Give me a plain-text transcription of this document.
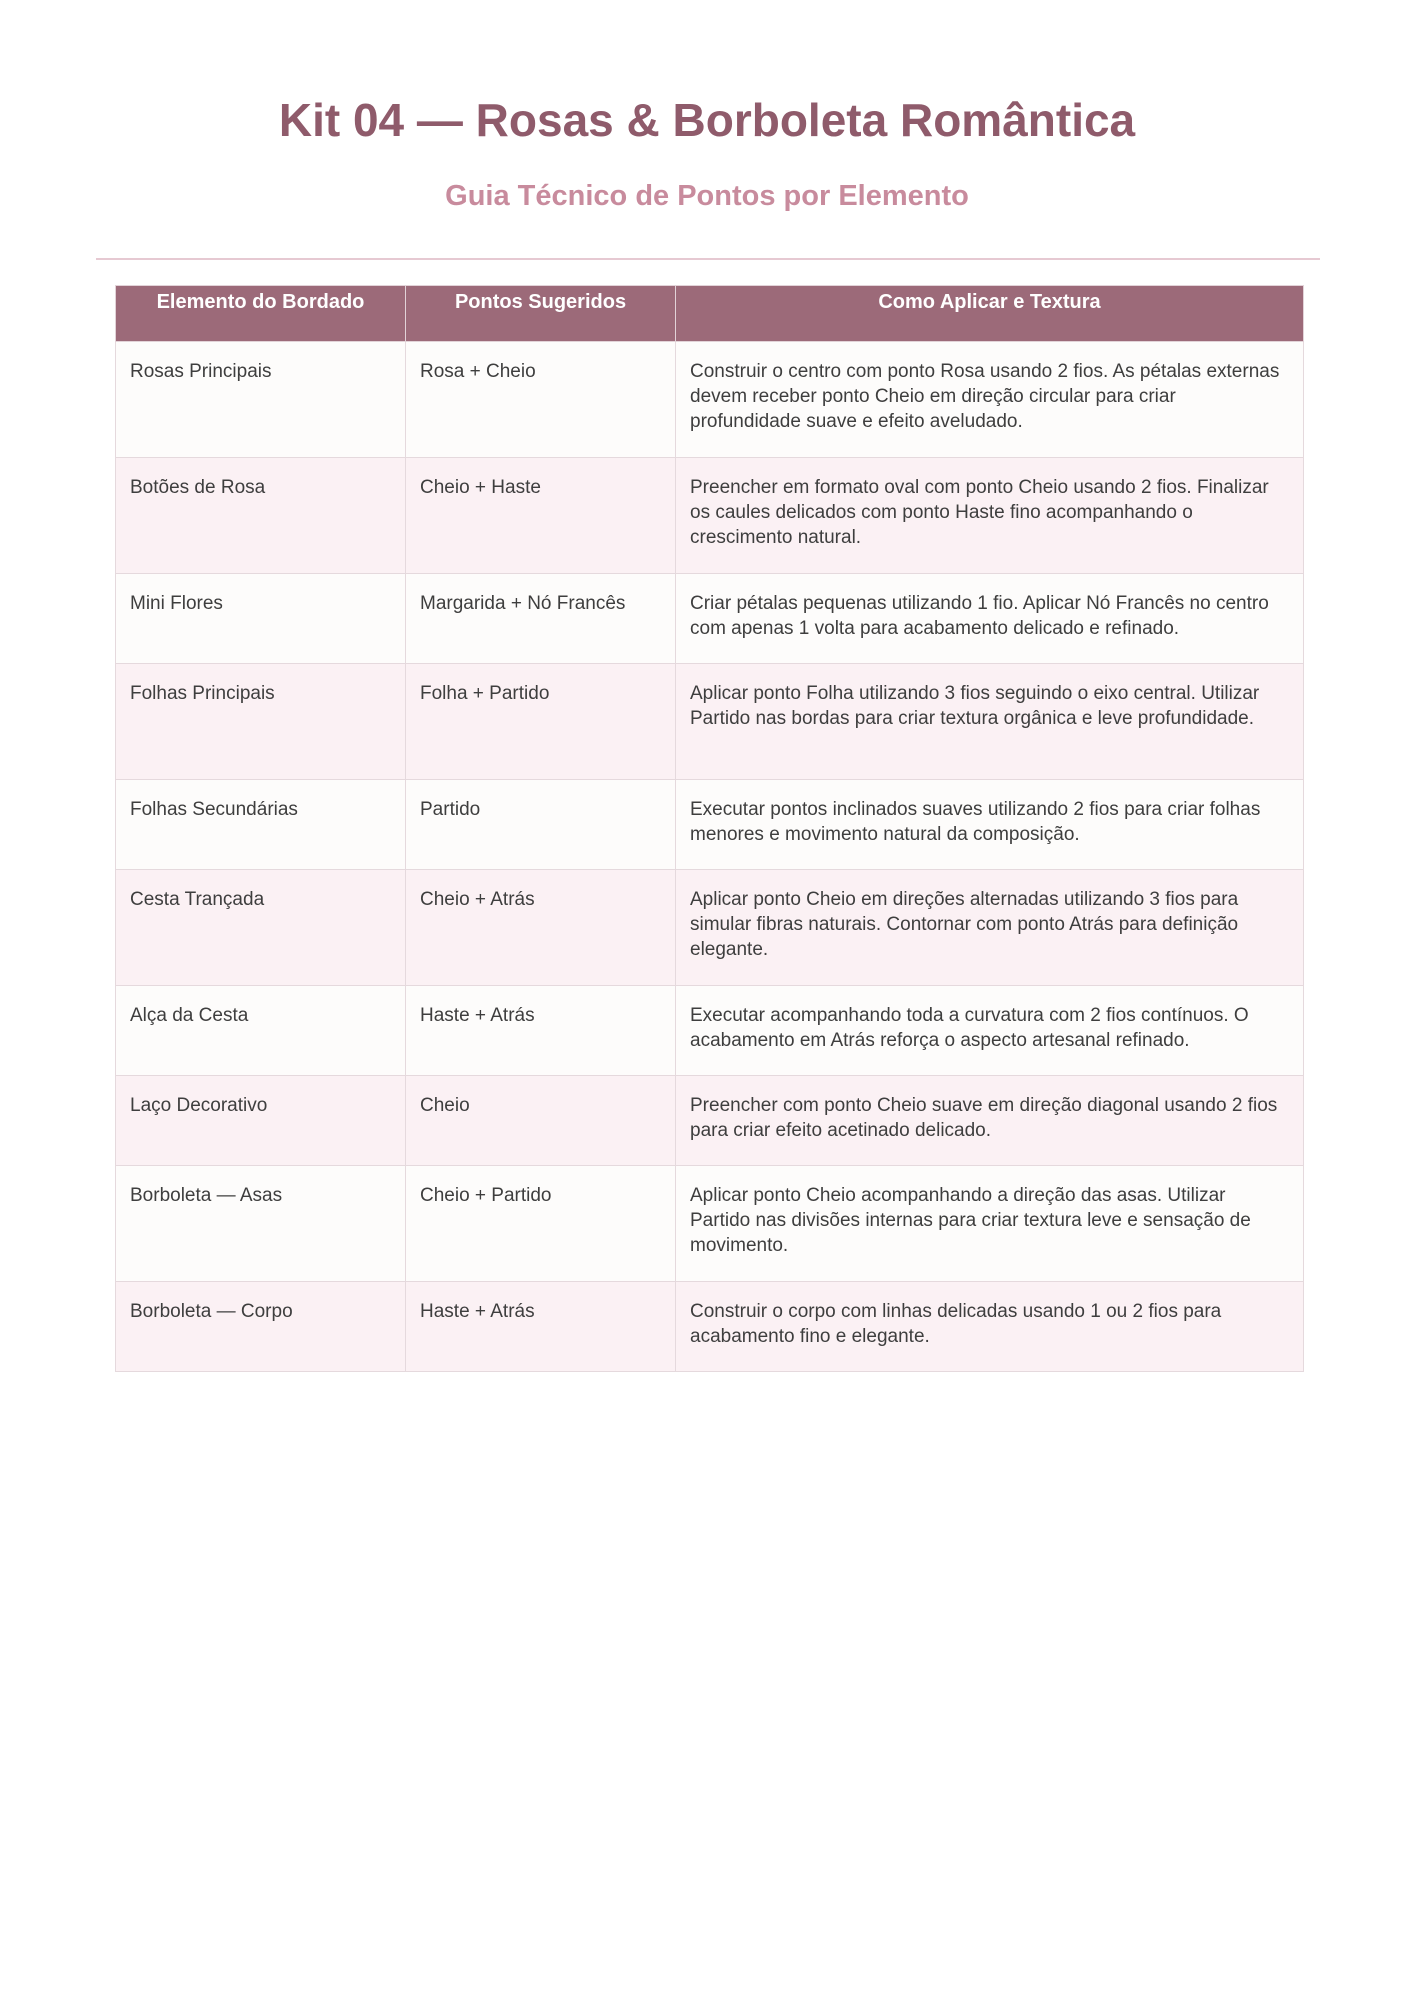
Kit 04 — Rosas & Borboleta Romântica
Guia Técnico de Pontos por Elemento
Elemento do Bordado	Pontos Sugeridos	Como Aplicar e Textura
Rosas Principais	Rosa + Cheio	Construir o centro com ponto Rosa usando 2 fios. As pétalas externas devem receber ponto Cheio em direção circular para criar profundidade suave e efeito aveludado.
Botões de Rosa	Cheio + Haste	Preencher em formato oval com ponto Cheio usando 2 fios. Finalizar os caules delicados com ponto Haste fino acompanhando o crescimento natural.
Mini Flores	Margarida + Nó Francês	Criar pétalas pequenas utilizando 1 fio. Aplicar Nó Francês no centro com apenas 1 volta para acabamento delicado e refinado.
Folhas Principais	Folha + Partido	Aplicar ponto Folha utilizando 3 fios seguindo o eixo central. Utilizar Partido nas bordas para criar textura orgânica e leve profundidade.
Folhas Secundárias	Partido	Executar pontos inclinados suaves utilizando 2 fios para criar folhas menores e movimento natural da composição.
Cesta Trançada	Cheio + Atrás	Aplicar ponto Cheio em direções alternadas utilizando 3 fios para simular fibras naturais. Contornar com ponto Atrás para definição elegante.
Alça da Cesta	Haste + Atrás	Executar acompanhando toda a curvatura com 2 fios contínuos. O acabamento em Atrás reforça o aspecto artesanal refinado.
Laço Decorativo	Cheio	Preencher com ponto Cheio suave em direção diagonal usando 2 fios para criar efeito acetinado delicado.
Borboleta — Asas	Cheio + Partido	Aplicar ponto Cheio acompanhando a direção das asas. Utilizar Partido nas divisões internas para criar textura leve e sensação de movimento.
Borboleta — Corpo	Haste + Atrás	Construir o corpo com linhas delicadas usando 1 ou 2 fios para acabamento fino e elegante.
